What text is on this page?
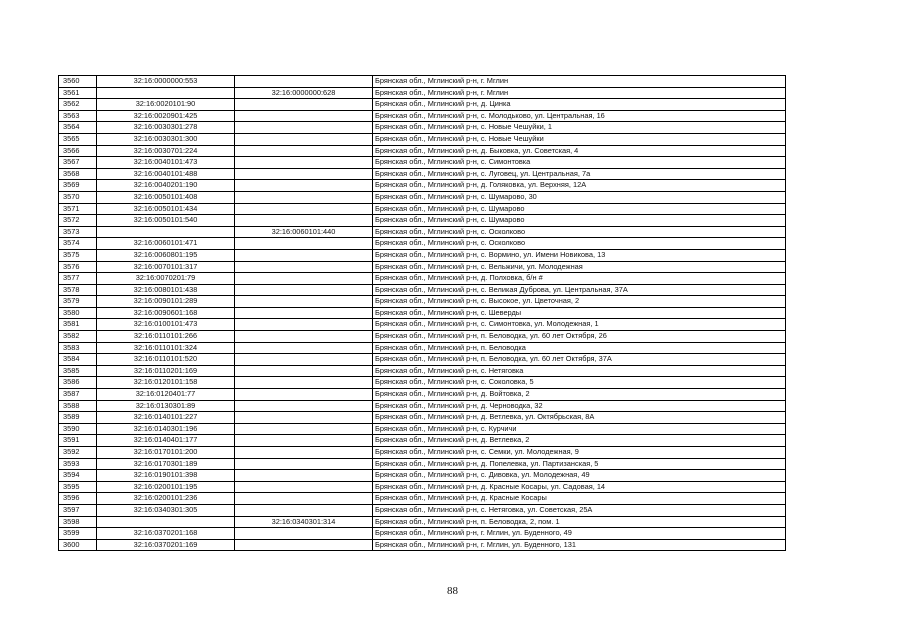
3560	32:16:0000000:553		Брянская обл., Мглинский р-н, г. Мглин
3561		32:16:0000000:628	Брянская обл., Мглинский р-н, г. Мглин
3562	32:16:0020101:90		Брянская обл., Мглинский р-н, д. Цинка
3563	32:16:0020901:425		Брянская обл., Мглинский р-н, с. Молодьково, ул. Центральная, 16
3564	32:16:0030301:278		Брянская обл., Мглинский р-н, с. Новые Чешуйки, 1
3565	32:16:0030301:300		Брянская обл., Мглинский р-н, с. Новые Чешуйки
3566	32:16:0030701:224		Брянская обл., Мглинский р-н, д. Быковка, ул. Советская, 4
3567	32:16:0040101:473		Брянская обл., Мглинский р-н, с. Симонтовка
3568	32:16:0040101:488		Брянская обл., Мглинский р-н, с. Луговец, ул. Центральная, 7а
3569	32:16:0040201:190		Брянская обл., Мглинский р-н, д. Голяковка, ул. Верхняя, 12А
3570	32:16:0050101:408		Брянская обл., Мглинский р-н, с. Шумарово, 30
3571	32:16:0050101:434		Брянская обл., Мглинский р-н, с. Шумарово
3572	32:16:0050101:540		Брянская обл., Мглинский р-н, с. Шумарово
3573		32:16:0060101:440	Брянская обл., Мглинский р-н, с. Осколково
3574	32:16:0060101:471		Брянская обл., Мглинский р-н, с. Осколково
3575	32:16:0060801:195		Брянская обл., Мглинский р-н, с. Вормино, ул. Имени Новикова, 13
3576	32:16:0070101:317		Брянская обл., Мглинский р-н, с. Вельжичи, ул. Молодежная
3577	32:16:0070201:79		Брянская обл., Мглинский р-н, д. Полховка, б/н #
3578	32:16:0080101:438		Брянская обл., Мглинский р-н, с. Великая Дуброва, ул. Центральная, 37А
3579	32:16:0090101:289		Брянская обл., Мглинский р-н, с. Высокое, ул. Цветочная, 2
3580	32:16:0090601:168		Брянская обл., Мглинский р-н, с. Шеверды
3581	32:16:0100101:473		Брянская обл., Мглинский р-н, с. Симонтовка, ул. Молодежная, 1
3582	32:16:0110101:266		Брянская обл., Мглинский р-н, п. Беловодка, ул. 60 лет Октября, 26
3583	32:16:0110101:324		Брянская обл., Мглинский р-н, п. Беловодка
3584	32:16:0110101:520		Брянская обл., Мглинский р-н, п. Беловодка, ул. 60 лет Октября, 37А
3585	32:16:0110201:169		Брянская обл., Мглинский р-н, с. Нетяговка
3586	32:16:0120101:158		Брянская обл., Мглинский р-н, с. Соколовка, 5
3587	32:16:0120401:77		Брянская обл., Мглинский р-н, д. Войтовка, 2
3588	32:16:0130301:89		Брянская обл., Мглинский р-н, д. Черноводка, 32
3589	32:16:0140101:227		Брянская обл., Мглинский р-н, д. Ветлевка, ул. Октябрьская, 8А
3590	32:16:0140301:196		Брянская обл., Мглинский р-н, с. Курчичи
3591	32:16:0140401:177		Брянская обл., Мглинский р-н, д. Ветлевка, 2
3592	32:16:0170101:200		Брянская обл., Мглинский р-н, с. Семки, ул. Молодежная, 9
3593	32:16:0170301:189		Брянская обл., Мглинский р-н, д. Попелевка, ул. Партизанская, 5
3594	32:16:0190101:398		Брянская обл., Мглинский р-н, с. Дивовка, ул. Молодежная, 49
3595	32:16:0200101:195		Брянская обл., Мглинский р-н, д. Красные Косары, ул. Садовая, 14
3596	32:16:0200101:236		Брянская обл., Мглинский р-н, д. Красные Косары
3597	32:16:0340301:305		Брянская обл., Мглинский р-н, с. Нетяговка, ул. Советская, 25А
3598		32:16:0340301:314	Брянская обл., Мглинский р-н, п. Беловодка, 2, пом. 1
3599	32:16:0370201:168		Брянская обл., Мглинский р-н, г. Мглин, ул. Буденного, 49
3600	32:16:0370201:169		Брянская обл., Мглинский р-н, г. Мглин, ул. Буденного, 131
88
